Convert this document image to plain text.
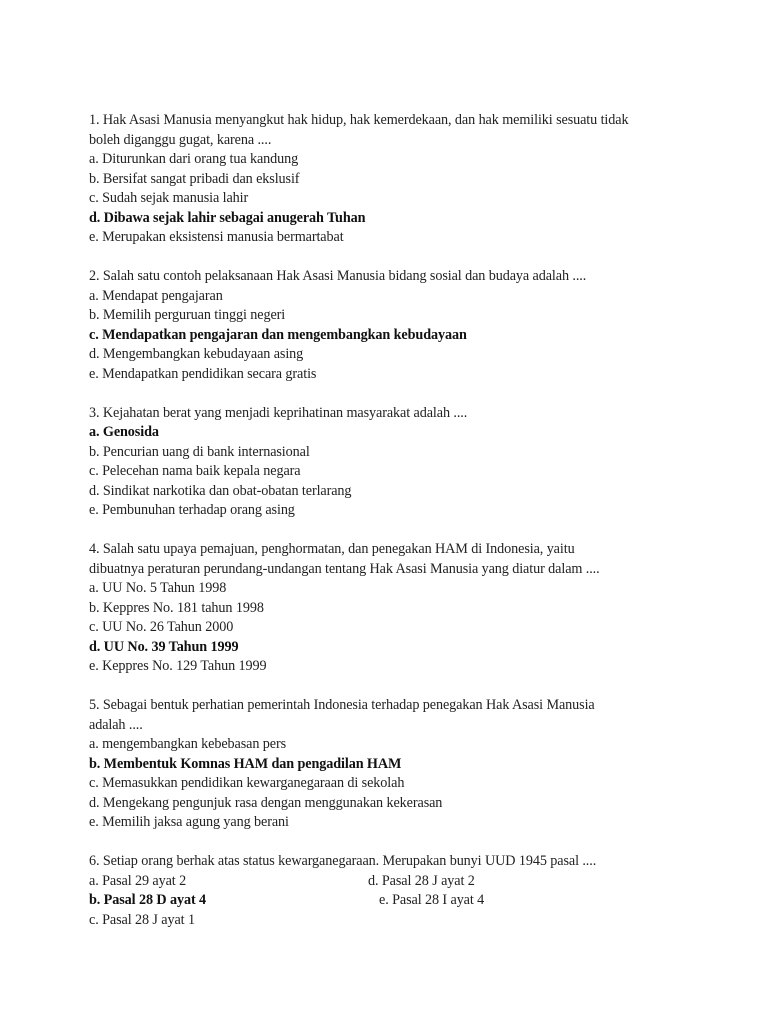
1. Hak Asasi Manusia menyangkut hak hidup, hak kemerdekaan, dan hak memiliki sesuatu tidak
boleh diganggu gugat, karena ....
a. Diturunkan dari orang tua kandung
b. Bersifat sangat pribadi dan ekslusif
c. Sudah sejak manusia lahir
d. Dibawa sejak lahir sebagai anugerah Tuhan
e. Merupakan eksistensi manusia bermartabat
2. Salah satu contoh pelaksanaan Hak Asasi Manusia bidang sosial dan budaya adalah ....
a. Mendapat pengajaran
b. Memilih perguruan tinggi negeri
c. Mendapatkan pengajaran dan mengembangkan kebudayaan
d. Mengembangkan kebudayaan asing
e. Mendapatkan pendidikan secara gratis
3. Kejahatan berat yang menjadi keprihatinan masyarakat adalah ....
a. Genosida
b. Pencurian uang di bank internasional
c. Pelecehan nama baik kepala negara
d. Sindikat narkotika dan obat-obatan terlarang
e. Pembunuhan terhadap orang asing
4. Salah satu upaya pemajuan, penghormatan, dan penegakan HAM di Indonesia, yaitu
dibuatnya peraturan perundang-undangan tentang Hak Asasi Manusia yang diatur dalam ....
a. UU No. 5 Tahun 1998
b. Keppres No. 181 tahun 1998
c. UU No. 26 Tahun 2000
d. UU No. 39 Tahun 1999
e. Keppres No. 129 Tahun 1999
5. Sebagai bentuk perhatian pemerintah Indonesia terhadap penegakan Hak Asasi Manusia
adalah ....
a. mengembangkan kebebasan pers
b. Membentuk Komnas HAM dan pengadilan HAM
c. Memasukkan pendidikan kewarganegaraan di sekolah
d. Mengekang pengunjuk rasa dengan menggunakan kekerasan
e. Memilih jaksa agung yang berani
6. Setiap orang berhak atas status kewarganegaraan. Merupakan bunyi UUD 1945 pasal ....
a. Pasal 29 ayat 2	d. Pasal 28 J ayat 2
b. Pasal 28 D ayat 4	e. Pasal 28 I ayat 4
c. Pasal 28 J ayat 1
